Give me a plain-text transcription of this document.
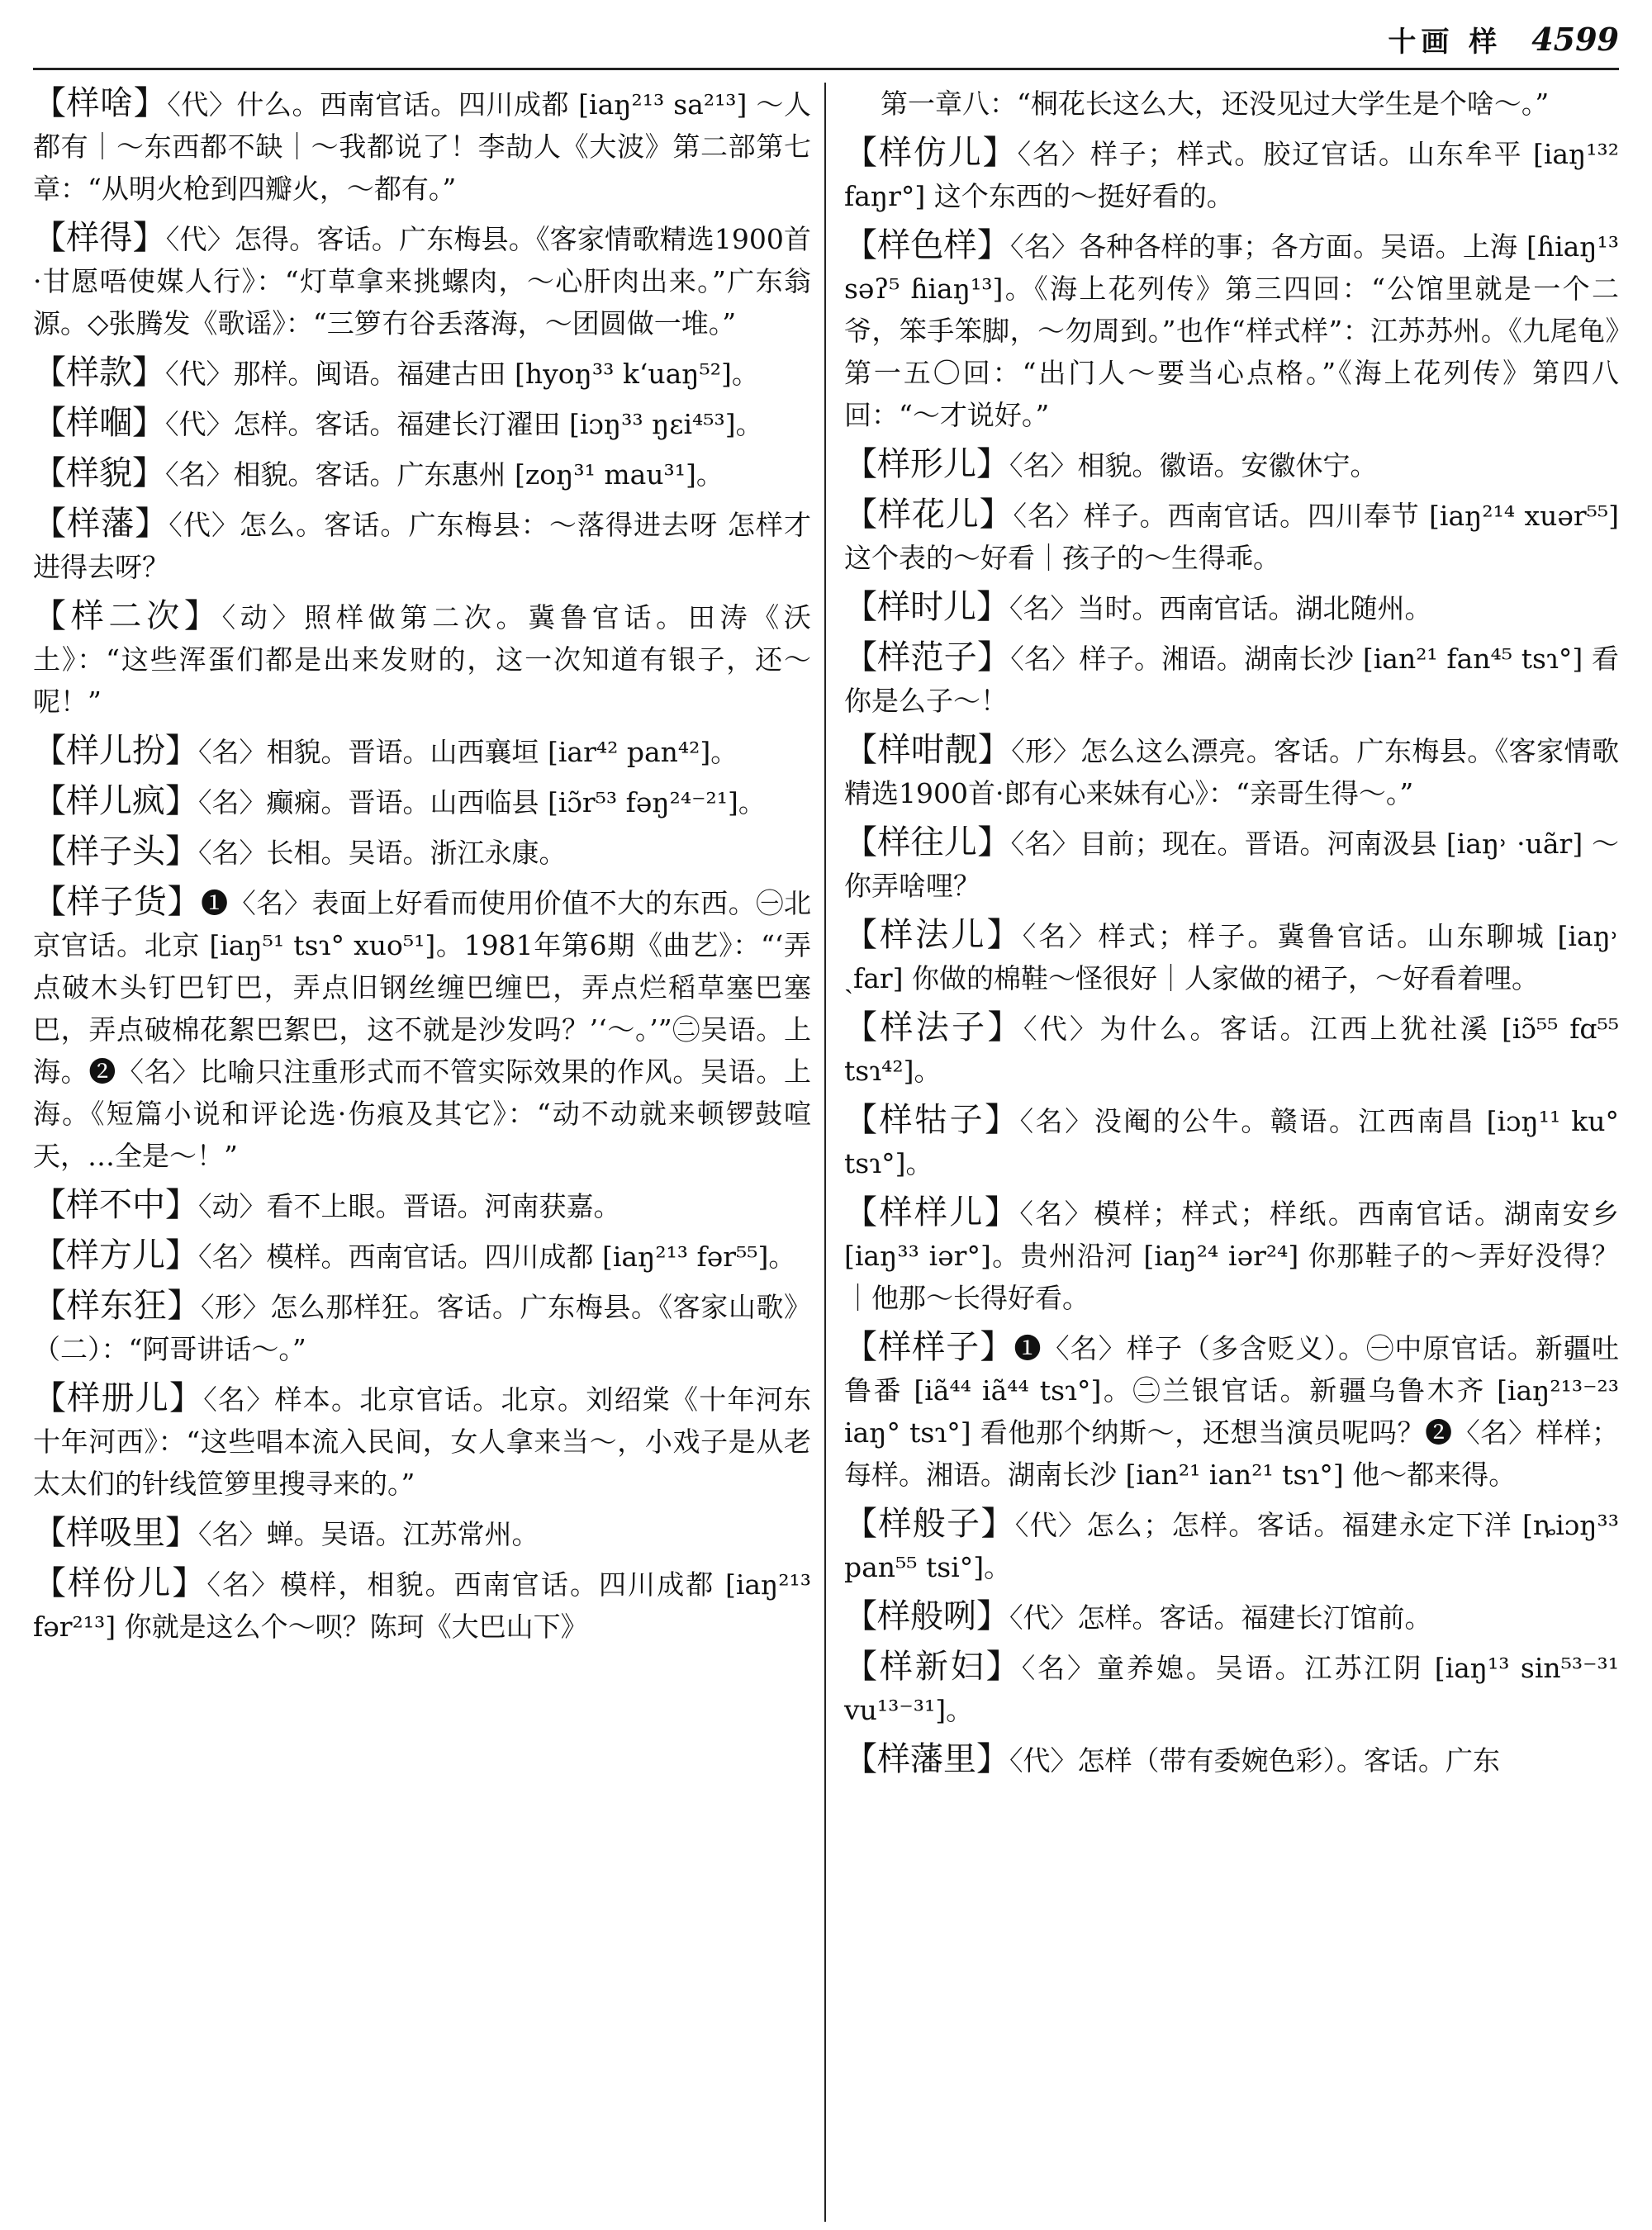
十画 样 4599

【样啥】〈代〉什么。西南官话。四川成都 [iaŋ²¹³ sa²¹³] ～人都有｜～东西都不缺｜～我都说了！李劼人《大波》第二部第七章：“从明火枪到四瓣火，～都有。”

【样得】〈代〉怎得。客话。广东梅县。《客家情歌精选1900首·甘愿唔使媒人行》：“灯草拿来挑螺肉，～心肝肉出来。”广东翁源。◇张腾发《歌谣》：“三箩冇谷丢落海，～团圆做一堆。”

【样款】〈代〉那样。闽语。福建古田 [hyoŋ³³ kʻuaŋ⁵²]。

【样嗰】〈代〉怎样。客话。福建长汀濯田 [iɔŋ³³ ŋɛi⁴⁵³]。

【样貌】〈名〉相貌。客话。广东惠州 [zoŋ³¹ mau³¹]。

【样藩】〈代〉怎么。客话。广东梅县：～落得进去呀 怎样才进得去呀？

【样二次】〈动〉照样做第二次。冀鲁官话。田涛《沃土》：“这些浑蛋们都是出来发财的，这一次知道有银子，还～呢！”

【样儿扮】〈名〉相貌。晋语。山西襄垣 [iar⁴² pan⁴²]。

【样儿疯】〈名〉癫痫。晋语。山西临县 [iɔ̃r⁵³ fəŋ²⁴⁻²¹]。

【样子头】〈名〉长相。吴语。浙江永康。

【样子货】❶〈名〉表面上好看而使用价值不大的东西。㊀北京官话。北京 [iaŋ⁵¹ tsɿ° xuo⁵¹]。1981年第6期《曲艺》：“‘弄点破木头钉巴钉巴，弄点旧钢丝缠巴缠巴，弄点烂稻草塞巴塞巴，弄点破棉花絮巴絮巴，这不就是沙发吗？’‘～。’”㊁吴语。上海。❷〈名〉比喻只注重形式而不管实际效果的作风。吴语。上海。《短篇小说和评论选·伤痕及其它》：“动不动就来顿锣鼓喧天，…全是～！”

【样不中】〈动〉看不上眼。晋语。河南获嘉。

【样方儿】〈名〉模样。西南官话。四川成都 [iaŋ²¹³ fər⁵⁵]。

【样东狂】〈形〉怎么那样狂。客话。广东梅县。《客家山歌》（二）：“阿哥讲话～。”

【样册儿】〈名〉样本。北京官话。北京。刘绍棠《十年河东十年河西》：“这些唱本流入民间，女人拿来当～，小戏子是从老太太们的针线笸箩里搜寻来的。”

【样吸里】〈名〉蝉。吴语。江苏常州。

【样份儿】〈名〉模样，相貌。西南官话。四川成都 [iaŋ²¹³ fər²¹³] 你就是这么个～呗？陈珂《大巴山下》

第一章八：“桐花长这么大，还没见过大学生是个啥～。”

【样仿儿】〈名〉样子；样式。胶辽官话。山东牟平 [iaŋ¹³² faŋr°] 这个东西的～挺好看的。

【样色样】〈名〉各种各样的事；各方面。吴语。上海 [ɦiaŋ¹³ səʔ⁵ ɦiaŋ¹³]。《海上花列传》第三四回：“公馆里就是一个二爷，笨手笨脚，～勿周到。”也作“样式样”：江苏苏州。《九尾龟》第一五〇回：“出门人～要当心点格。”《海上花列传》第四八回：“～才说好。”

【样形儿】〈名〉相貌。徽语。安徽休宁。

【样花儿】〈名〉样子。西南官话。四川奉节 [iaŋ²¹⁴ xuər⁵⁵] 这个表的～好看｜孩子的～生得乖。

【样时儿】〈名〉当时。西南官话。湖北随州。

【样范子】〈名〉样子。湘语。湖南长沙 [ian²¹ fan⁴⁵ tsɿ°] 看你是么子～！

【样咁靓】〈形〉怎么这么漂亮。客话。广东梅县。《客家情歌精选1900首·郎有心来妹有心》：“亲哥生得～。”

【样往儿】〈名〉目前；现在。晋语。河南汲县 [iaŋ˒ ·uãr] ～你弄啥哩？

【样法儿】〈名〉样式；样子。冀鲁官话。山东聊城 [iaŋ˒ ˏfar] 你做的棉鞋～怪很好｜人家做的裙子，～好看着哩。

【样法子】〈代〉为什么。客话。江西上犹社溪 [iɔ̃⁵⁵ fɑ⁵⁵ tsɿ⁴²]。

【样牯子】〈名〉没阉的公牛。赣语。江西南昌 [iɔŋ¹¹ ku° tsɿ°]。

【样样儿】〈名〉模样；样式；样纸。西南官话。湖南安乡 [iaŋ³³ iər°]。贵州沿河 [iaŋ²⁴ iər²⁴] 你那鞋子的～弄好没得？｜他那～长得好看。

【样样子】❶〈名〉样子（多含贬义）。㊀中原官话。新疆吐鲁番 [iã⁴⁴ iã⁴⁴ tsɿ°]。㊁兰银官话。新疆乌鲁木齐 [iaŋ²¹³⁻²³ iaŋ° tsɿ°] 看他那个纳斯～，还想当演员呢吗？❷〈名〉样样；每样。湘语。湖南长沙 [ian²¹ ian²¹ tsɿ°] 他～都来得。

【样般子】〈代〉怎么；怎样。客话。福建永定下洋 [ȵiɔŋ³³ pan⁵⁵ tsi°]。

【样般咧】〈代〉怎样。客话。福建长汀馆前。

【样新妇】〈名〉童养媳。吴语。江苏江阴 [iaŋ¹³ sin⁵³⁻³¹ vu¹³⁻³¹]。

【样藩里】〈代〉怎样（带有委婉色彩）。客话。广东
